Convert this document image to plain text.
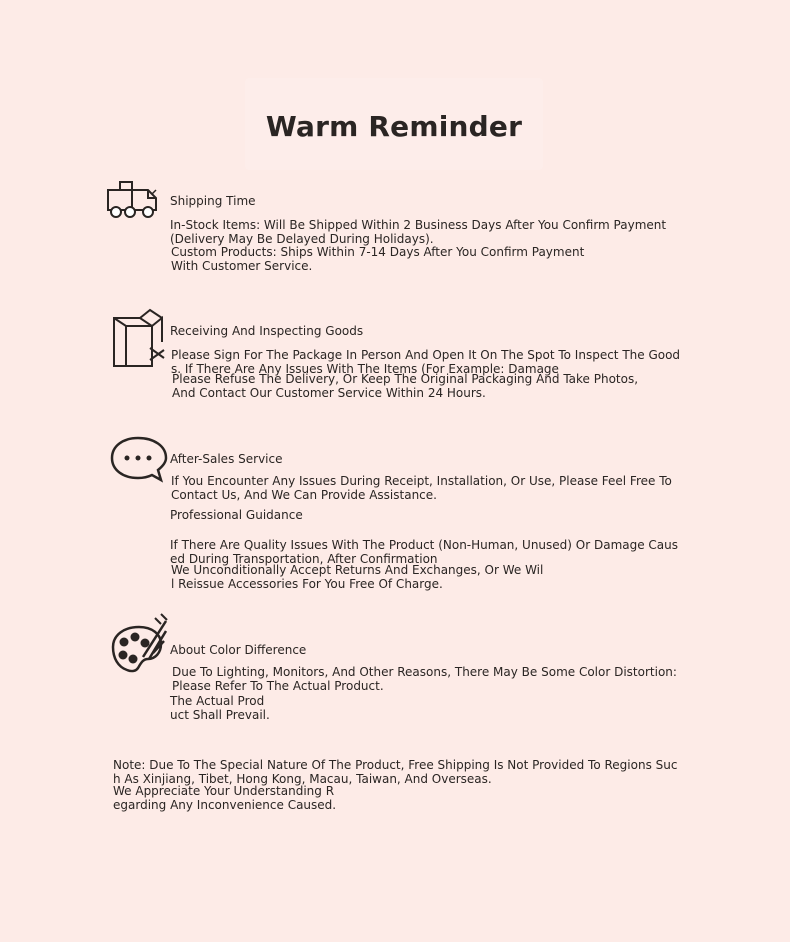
Warm Reminder
Shipping Time
In-Stock Items: Will Be Shipped Within 2 Business Days After You Confirm Payment (Delivery May Be Delayed During Holidays).
Custom Products: Ships Within 7-14 Days After You Confirm Payment With Customer Service.
Receiving And Inspecting Goods
Please Sign For The Package In Person And Open It On The Spot To Inspect The Goods. If There Are Any Issues With The Items (For Example: Damage
Please Refuse The Delivery, Or Keep The Original Packaging And Take Photos, And Contact Our Customer Service Within 24 Hours.
After-Sales Service
If You Encounter Any Issues During Receipt, Installation, Or Use, Please Feel Free To Contact Us, And We Can Provide Assistance.
Professional Guidance
If There Are Quality Issues With The Product (Non-Human, Unused) Or Damage Caused During Transportation, After Confirmation
We Unconditionally Accept Returns And Exchanges, Or We Will Reissue Accessories For You Free Of Charge.
About Color Difference
Due To Lighting, Monitors, And Other Reasons, There May Be Some Color Distortion: Please Refer To The Actual Product.
The Actual Product Shall Prevail.
Note: Due To The Special Nature Of The Product, Free Shipping Is Not Provided To Regions Such As Xinjiang, Tibet, Hong Kong, Macau, Taiwan, And Overseas.
We Appreciate Your Understanding Regarding Any Inconvenience Caused.
